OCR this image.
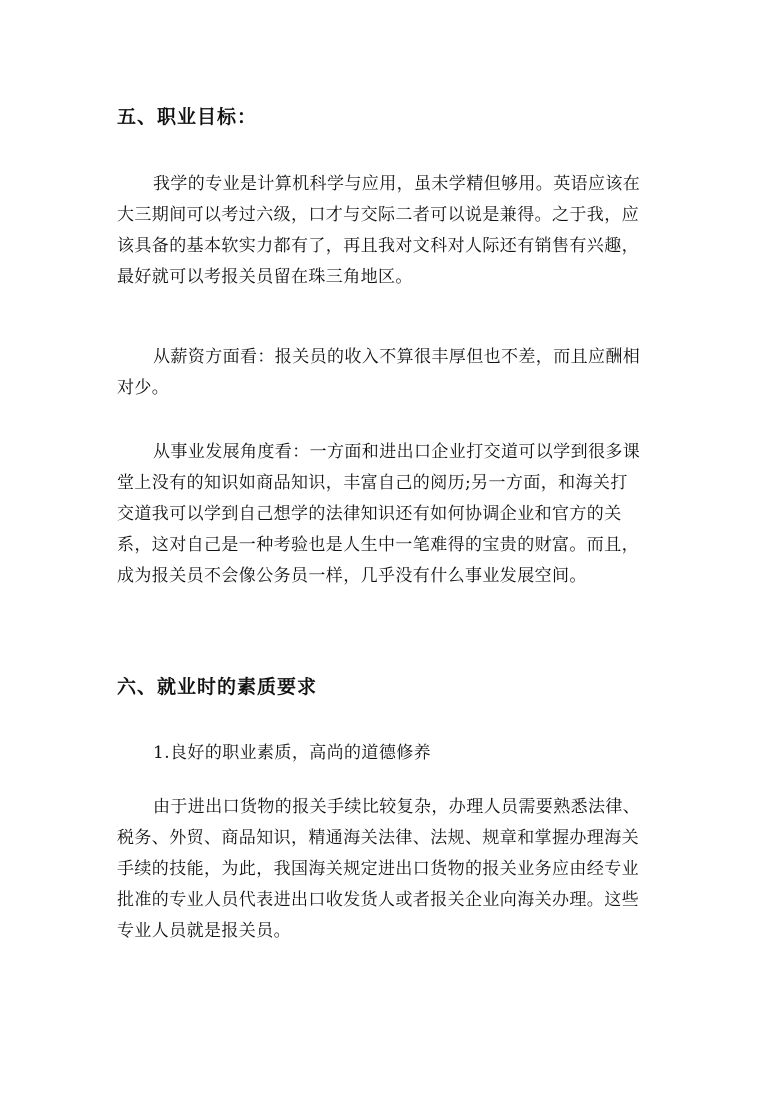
五、职业目标：
我学的专业是计算机科学与应用，虽未学精但够用。英语应该在
大三期间可以考过六级，口才与交际二者可以说是兼得。之于我，应
该具备的基本软实力都有了，再且我对文科对人际还有销售有兴趣，
最好就可以考报关员留在珠三角地区。
从薪资方面看：报关员的收入不算很丰厚但也不差，而且应酬相
对少。
从事业发展角度看：一方面和进出口企业打交道可以学到很多课
堂上没有的知识如商品知识，丰富自己的阅历;另一方面，和海关打
交道我可以学到自己想学的法律知识还有如何协调企业和官方的关
系，这对自己是一种考验也是人生中一笔难得的宝贵的财富。而且，
成为报关员不会像公务员一样，几乎没有什么事业发展空间。
六、就业时的素质要求
1.良好的职业素质，高尚的道德修养
由于进出口货物的报关手续比较复杂，办理人员需要熟悉法律、
税务、外贸、商品知识，精通海关法律、法规、规章和掌握办理海关
手续的技能，为此，我国海关规定进出口货物的报关业务应由经专业
批准的专业人员代表进出口收发货人或者报关企业向海关办理。这些
专业人员就是报关员。
